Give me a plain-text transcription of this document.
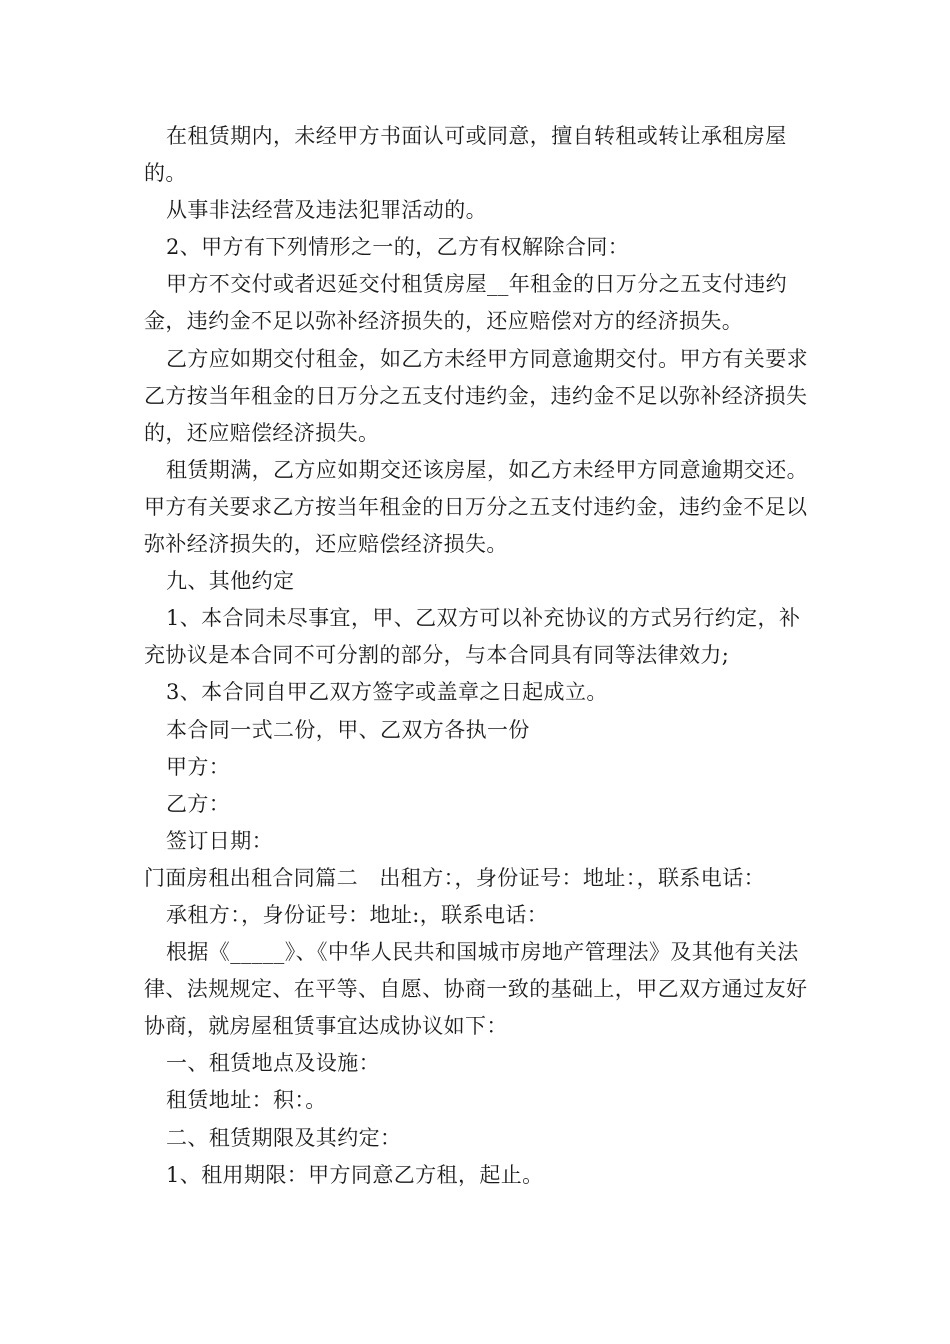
在租赁期内，未经甲方书面认可或同意，擅自转租或转让承租房屋的。

从事非法经营及违法犯罪活动的。

2、甲方有下列情形之一的，乙方有权解除合同：

甲方不交付或者迟延交付租赁房屋__年租金的日万分之五支付违约金，违约金不足以弥补经济损失的，还应赔偿对方的经济损失。

乙方应如期交付租金，如乙方未经甲方同意逾期交付。甲方有关要求乙方按当年租金的日万分之五支付违约金，违约金不足以弥补经济损失的，还应赔偿经济损失。

租赁期满，乙方应如期交还该房屋，如乙方未经甲方同意逾期交还。甲方有关要求乙方按当年租金的日万分之五支付违约金，违约金不足以弥补经济损失的，还应赔偿经济损失。

九、其他约定

1、本合同未尽事宜，甲、乙双方可以补充协议的方式另行约定，补充协议是本合同不可分割的部分，与本合同具有同等法律效力;

3、本合同自甲乙双方签字或盖章之日起成立。

本合同一式二份，甲、乙双方各执一份

甲方：

乙方：

签订日期：

门面房租出租合同篇二　出租方：，身份证号：地址：，联系电话：

承租方：，身份证号：地址:，联系电话：

根据《_____》、《中华人民共和国城市房地产管理法》及其他有关法律、法规规定、在平等、自愿、协商一致的基础上，甲乙双方通过友好协商，就房屋租赁事宜达成协议如下：

一、租赁地点及设施：

租赁地址：积：。

二、租赁期限及其约定：

1、租用期限：甲方同意乙方租，起止。
